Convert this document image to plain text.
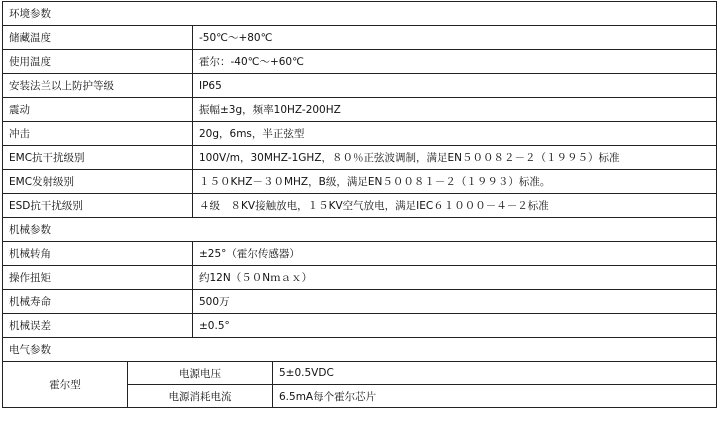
环境参数			
储藏温度		-50℃～+80℃	
使用温度		霍尔：-40℃～+60℃	
安装法兰以上防护等级		IP65	
震动		振幅±3g，频率10HZ-200HZ	
冲击		20g，6ms，半正弦型	
EMC抗干扰级别		100V/m，30MHZ-1GHZ，８０％正弦波调制，满足EN５００８２－２（１９９５）标准	
EMC发射级别		１５０KHZ－３０MHZ，B级，满足EN５００８１－２（１９９３）标准。	
ESD抗干扰级别		４级　８KV接触放电，１５KV空气放电，满足IEC６１０００－４－２标准	
机械参数			
机械转角		±25°（霍尔传感器）	
操作扭矩		约12N（５０Nｍａｘ）	
机械寿命		500万	
机械误差		±0.5°	
电气参数			
霍尔型	电源电压		5±0.5VDC
	电源消耗电流		6.5mA每个霍尔芯片
